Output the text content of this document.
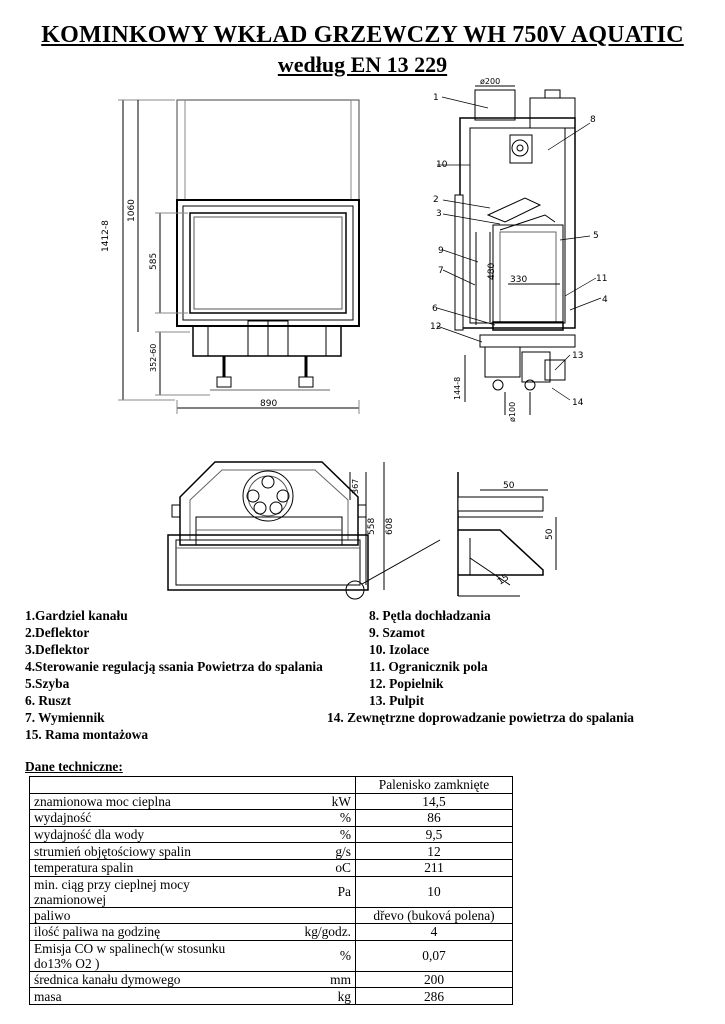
KOMINKOWY WKŁAD GRZEWCZY WH 750V AQUATIC
według EN 13 229
1412-8
1060
585
352-60
890
ø200
330
480
144-8
ø100
1
2
3
4
5
6
7
8
9
10
11
12
13
14
367
558 608
50
50
15
1.Gardziel kanału
2.Deflektor
3.Deflektor
4.Sterowanie regulacją ssania Powietrza do spalania
5.Szyba
6. Ruszt
7. Wymiennik
8. Pętla dochładzania
9. Szamot
10. Izolace
11. Ogranicznik pola
12. Popielnik
13. Pulpit
14. Zewnętrzne doprowadzanie powietrza do spalania
15. Rama montażowa
Dane techniczne:
		Palenisko zamknięte
znamionowa moc cieplna	kW	14,5
wydajność	%	86
wydajność dla wody	%	9,5
strumień objętościowy spalin	g/s	12
temperatura spalin	oC	211
min. ciąg przy cieplnej mocy znamionowej	Pa	10
paliwo		dřevo (buková polena)
ilość paliwa na godzinę	kg/godz.	4
Emisja CO w spalinech(w stosunku do13% O2 )	%	0,07
średnica kanału dymowego	mm	200
masa	kg	286
